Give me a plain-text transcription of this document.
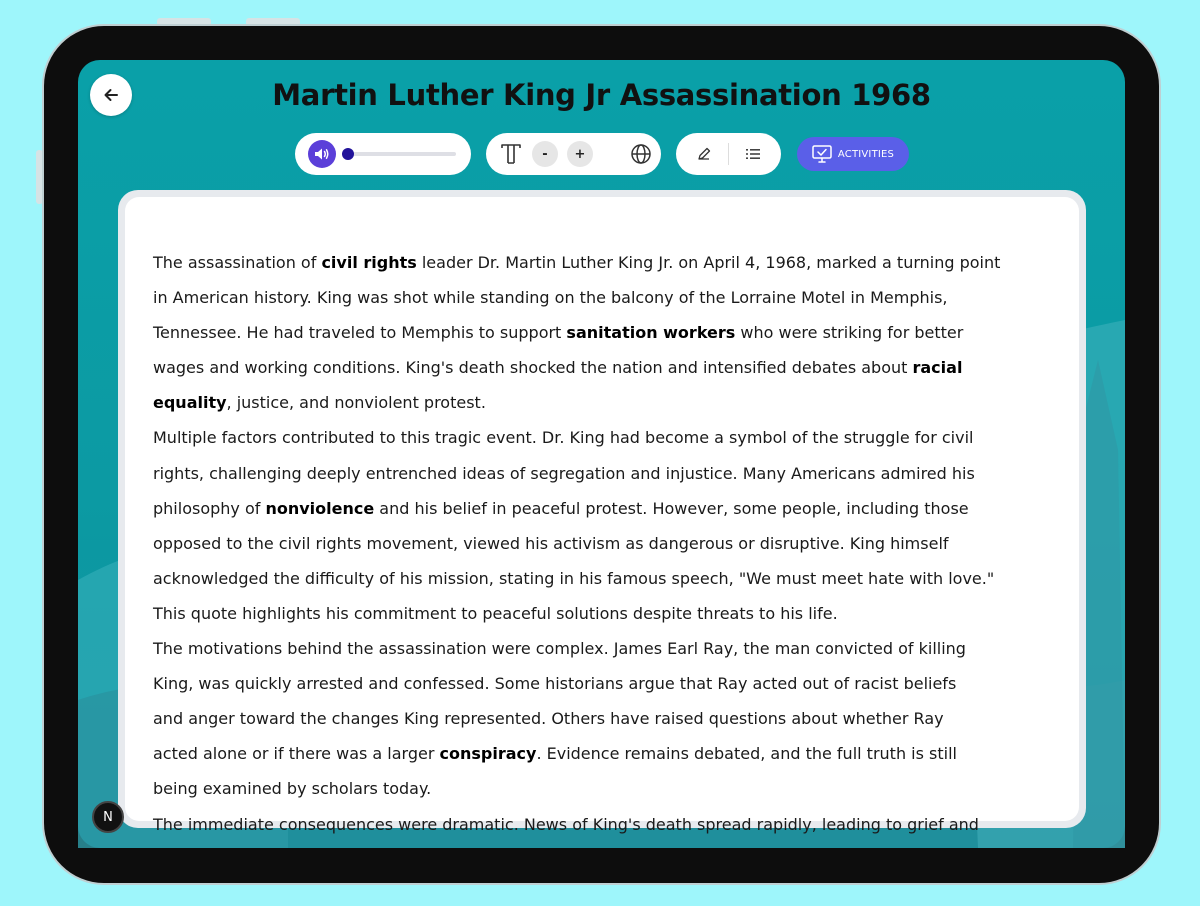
Martin Luther King Jr Assassination 1968
-	+	ACTIVITIES

The assassination of civil rights leader Dr. Martin Luther King Jr. on April 4, 1968, marked a turning point

in American history. King was shot while standing on the balcony of the Lorraine Motel in Memphis,

Tennessee. He had traveled to Memphis to support sanitation workers who were striking for better

wages and working conditions. King's death shocked the nation and intensified debates about racial

equality, justice, and nonviolent protest.

Multiple factors contributed to this tragic event. Dr. King had become a symbol of the struggle for civil

rights, challenging deeply entrenched ideas of segregation and injustice. Many Americans admired his

philosophy of nonviolence and his belief in peaceful protest. However, some people, including those

opposed to the civil rights movement, viewed his activism as dangerous or disruptive. King himself

acknowledged the difficulty of his mission, stating in his famous speech, "We must meet hate with love."

This quote highlights his commitment to peaceful solutions despite threats to his life.

The motivations behind the assassination were complex. James Earl Ray, the man convicted of killing

King, was quickly arrested and confessed. Some historians argue that Ray acted out of racist beliefs

and anger toward the changes King represented. Others have raised questions about whether Ray

acted alone or if there was a larger conspiracy. Evidence remains debated, and the full truth is still

being examined by scholars today.

The immediate consequences were dramatic. News of King's death spread rapidly, leading to grief and

N
